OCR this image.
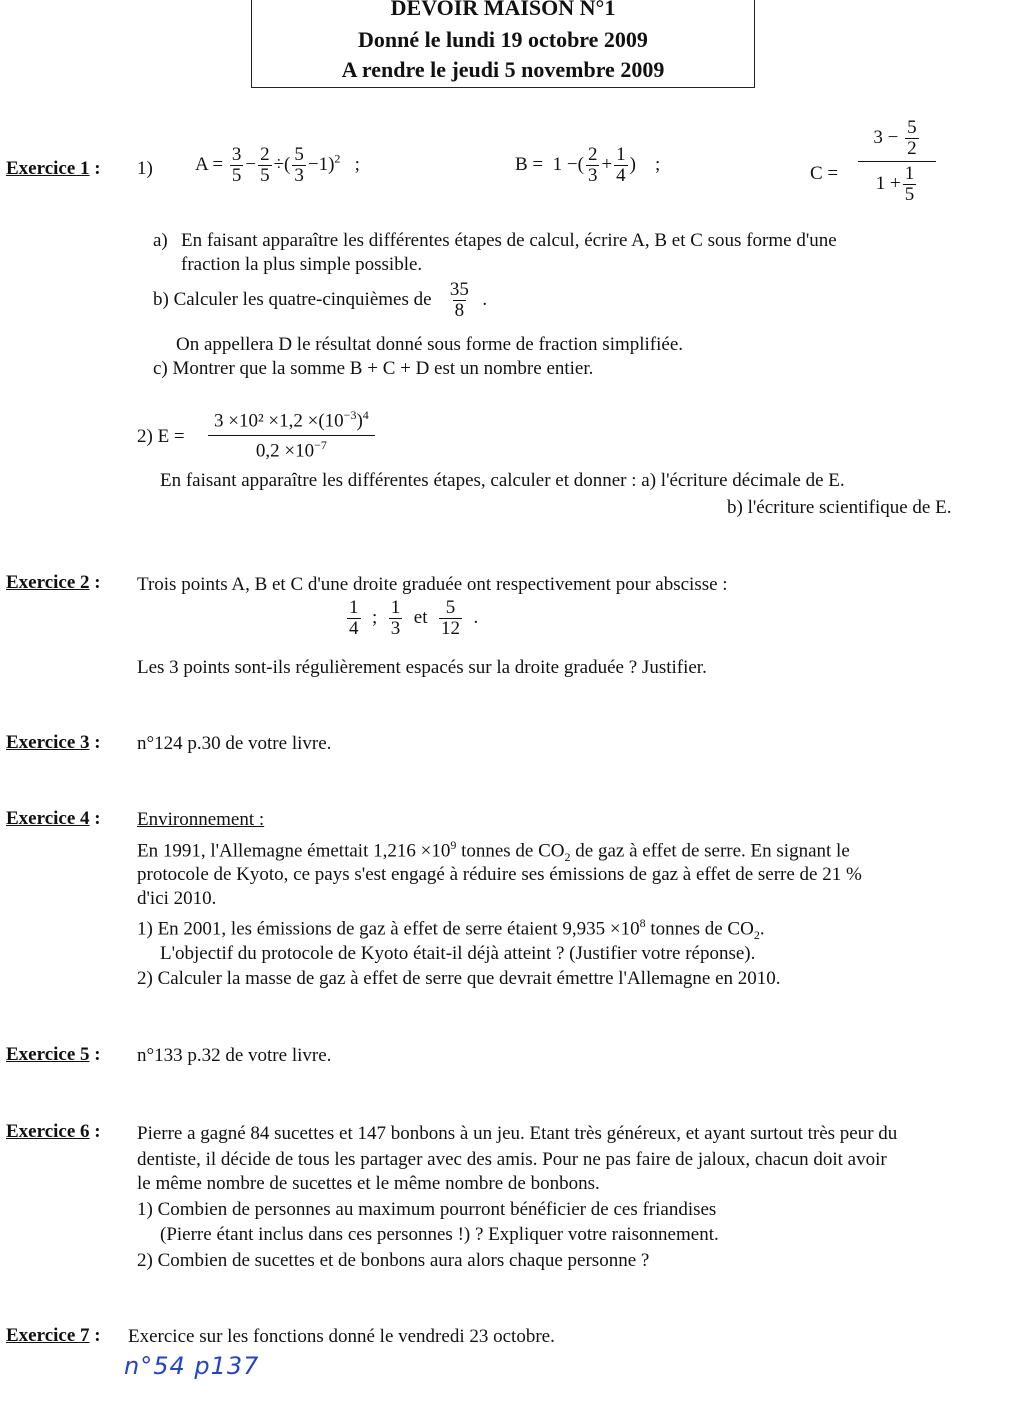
DEVOIR MAISON N°1
Donné le lundi 19 octobre 2009
A rendre le jeudi 5 novembre 2009
Exercice 1 : 1) $A = \frac{3}{5} - \frac{2}{5}$ ÷( $\frac{5}{3} -1)^2$ ;	B = 1 −( $\frac{2}{3} + \frac{1}{4}$ ) ;	C =
$3 - \frac{5}{2}$
$1 + \frac{1}{5}$
a) En faisant apparaître les différentes étapes de calcul, écrire A, B et C sous forme d'une
fraction la plus simple possible.
b) Calculer les quatre-cinquièmes de $\frac{35}{8}$ .
On appellera D le résultat donné sous forme de fraction simplifiée.
c) Montrer que la somme B + C + D est un nombre entier.
2) E =
$3 \times 10^2 \times 1,2 \times(10^{-3})^4$
$0,2 \times 10^{-7}$
En faisant apparaître les différentes étapes, calculer et donner : a) l'écriture décimale de E.
b) l'écriture scientifique de E.
Exercice 2 : Trois points A, B et C d'une droite graduée ont respectivement pour abscisse :
$\frac{1}{4}$ ; $\frac{1}{3}$ et $\frac{5}{12}$ .
Les 3 points sont-ils régulièrement espacés sur la droite graduée ? Justifier.
Exercice 3 : n°124 p.30 de votre livre.
Exercice 4 : Environnement :
En 1991, l'Allemagne émettait $1,216 \times 10^9$ tonnes de $CO_2$ de gaz à effet de serre. En signant le
protocole de Kyoto, ce pays s'est engagé à réduire ses émissions de gaz à effet de serre de 21 %
d'ici 2010.
1) En 2001, les émissions de gaz à effet de serre étaient $9,935 \times 10^8$ tonnes de $CO_2$.
L'objectif du protocole de Kyoto était-il déjà atteint ? (Justifier votre réponse).
2) Calculer la masse de gaz à effet de serre que devrait émettre l'Allemagne en 2010.
Exercice 5 : n°133 p.32 de votre livre.
Exercice 6 : Pierre a gagné 84 sucettes et 147 bonbons à un jeu. Etant très généreux, et ayant surtout très peur du
dentiste, il décide de tous les partager avec des amis. Pour ne pas faire de jaloux, chacun doit avoir
le même nombre de sucettes et le même nombre de bonbons.
1) Combien de personnes au maximum pourront bénéficier de ces friandises
(Pierre étant inclus dans ces personnes !) ? Expliquer votre raisonnement.
2) Combien de sucettes et de bonbons aura alors chaque personne ?
Exercice 7 : Exercice sur les fonctions donné le vendredi 23 octobre.
n°54 p137
